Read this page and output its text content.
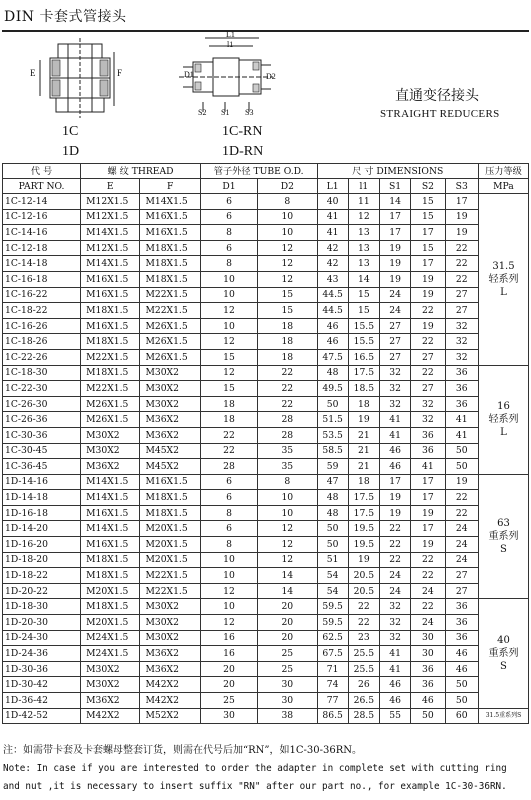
DIN 卡套式管接头
E	F
L1
l1
D1	D2
S2 S1 S3
1C
1D
1C-RN
1D-RN
直通变径接头
STRAIGHT REDUCERS
代 号	螺 纹 THREAD		管子外径 TUBE O.D.		尺 寸 DIMENSIONS					压力等级
PART NO.	E	F	D1	D2	L1	l1	S1	S2	S3	MPa
1C-12-14	M12X1.5	M14X1.5	6	8	40	11	14	15	17	31.5
轻系列
L

1C-12-16	M12X1.5	M16X1.5	6	10	41	12	17	15	19	
1C-14-16	M14X1.5	M16X1.5	8	10	41	13	17	17	19	
1C-12-18	M12X1.5	M18X1.5	6	12	42	13	19	15	22	
1C-14-18	M14X1.5	M18X1.5	8	12	42	13	19	17	22	
1C-16-18	M16X1.5	M18X1.5	10	12	43	14	19	19	22	
1C-16-22	M16X1.5	M22X1.5	10	15	44.5	15	24	19	27	
1C-18-22	M18X1.5	M22X1.5	12	15	44.5	15	24	22	27	
1C-16-26	M16X1.5	M26X1.5	10	18	46	15.5	27	19	32	
1C-18-26	M18X1.5	M26X1.5	12	18	46	15.5	27	22	32	
1C-22-26	M22X1.5	M26X1.5	15	18	47.5	16.5	27	27	32	
1C-18-30	M18X1.5	M30X2	12	22	48	17.5	32	22	36	16
轻系列
L

1C-22-30	M22X1.5	M30X2	15	22	49.5	18.5	32	27	36	
1C-26-30	M26X1.5	M30X2	18	22	50	18	32	32	36	
1C-26-36	M26X1.5	M36X2	18	28	51.5	19	41	32	41	
1C-30-36	M30X2	M36X2	22	28	53.5	21	41	36	41	
1C-30-45	M30X2	M45X2	22	35	58.5	21	46	36	50	
1C-36-45	M36X2	M45X2	28	35	59	21	46	41	50	
1D-14-16	M14X1.5	M16X1.5	6	8	47	18	17	17	19	63
重系列
S

1D-14-18	M14X1.5	M18X1.5	6	10	48	17.5	19	17	22	
1D-16-18	M16X1.5	M18X1.5	8	10	48	17.5	19	19	22	
1D-14-20	M14X1.5	M20X1.5	6	12	50	19.5	22	17	24	
1D-16-20	M16X1.5	M20X1.5	8	12	50	19.5	22	19	24	
1D-18-20	M18X1.5	M20X1.5	10	12	51	19	22	22	24	
1D-18-22	M18X1.5	M22X1.5	10	14	54	20.5	24	22	27	
1D-20-22	M20X1.5	M22X1.5	12	14	54	20.5	24	24	27	
1D-18-30	M18X1.5	M30X2	10	20	59.5	22	32	22	36	40
重系列
S

1D-20-30	M20X1.5	M30X2	12	20	59.5	22	32	24	36	
1D-24-30	M24X1.5	M30X2	16	20	62.5	23	32	30	36	
1D-24-36	M24X1.5	M36X2	16	25	67.5	25.5	41	30	46	
1D-30-36	M30X2	M36X2	20	25	71	25.5	41	36	46	
1D-30-42	M30X2	M42X2	20	30	74	26	46	36	50	
1D-36-42	M36X2	M42X2	25	30	77	26.5	46	46	50	
1D-42-52	M42X2	M52X2	30	38	86.5	28.5	55	50	60	31.5重系列S
注：如需带卡套及卡套螺母整套订货，则需在代号后加“RN”，如1C-30-36RN。
Note: In case if you are interested to order the adapter in complete set with cutting ring
and nut ,it is necessary to insert suffix "RN" after our part no., for example 1C-30-36RN.
